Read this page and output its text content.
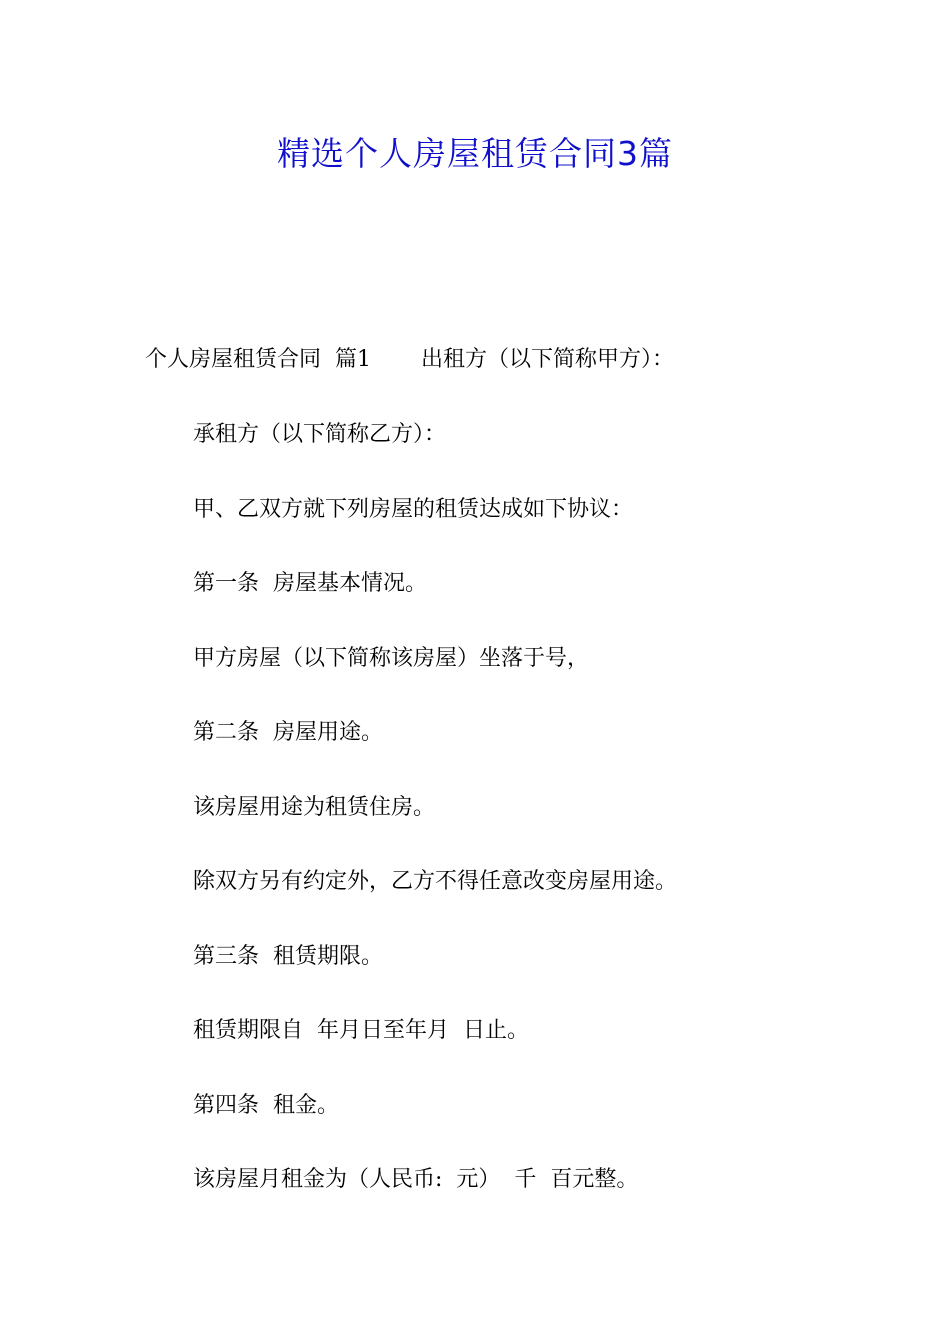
精选个人房屋租赁合同3篇
个人房屋租赁合同  篇1 出租方（以下简称甲方）：
承租方（以下简称乙方）：
甲、乙双方就下列房屋的租赁达成如下协议：
第一条  房屋基本情况。
甲方房屋（以下简称该房屋）坐落于号，
第二条  房屋用途。
该房屋用途为租赁住房。
除双方另有约定外，乙方不得任意改变房屋用途。
第三条  租赁期限。
租赁期限自  年月日至年月  日止。
第四条  租金。
该房屋月租金为（人民币:  元）  千  百元整。
